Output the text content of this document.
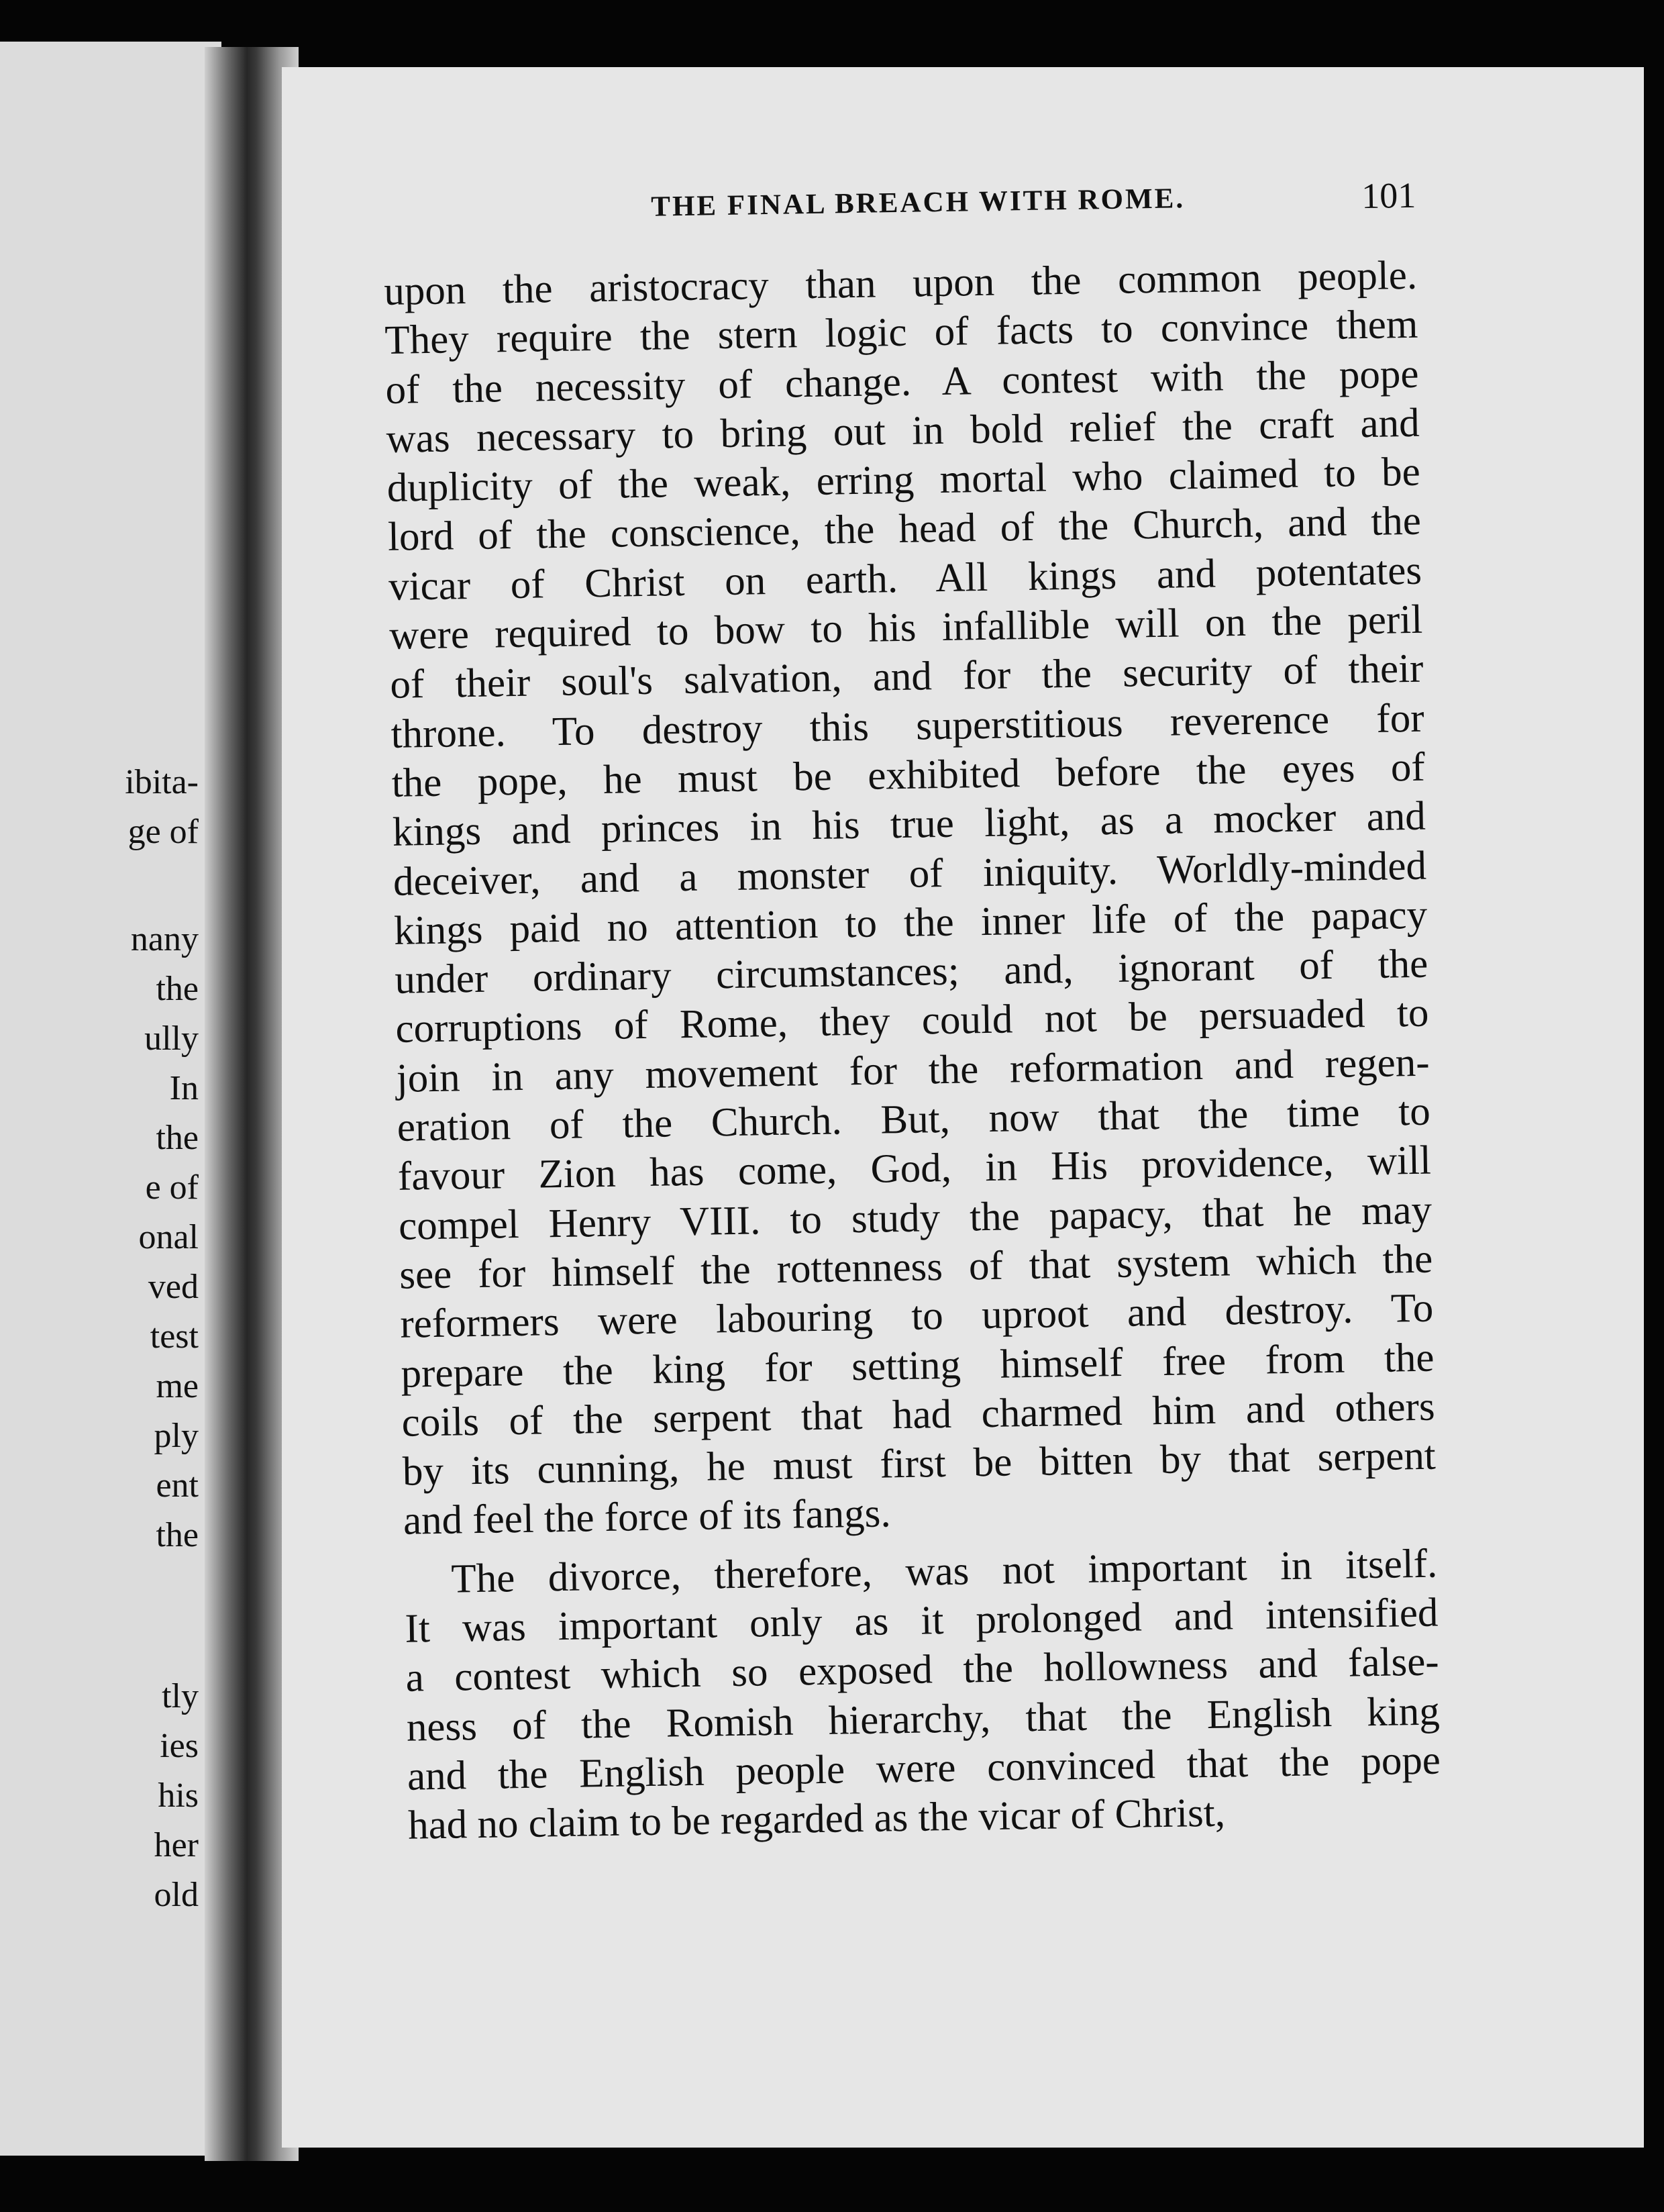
ibita-
ge of
nany
the
ully
In
the
e of
onal
ved
test
me
ply
ent
the
tly
ies
his
her
old
THE FINAL BREACH WITH ROME.	101

upon the aristocracy than upon the common people.
They require the stern logic of facts to convince them
of the necessity of change. A contest with the pope
was necessary to bring out in bold relief the craft and
duplicity of the weak, erring mortal who claimed to be
lord of the conscience, the head of the Church, and the
vicar of Christ on earth. All kings and potentates
were required to bow to his infallible will on the peril
of their soul's salvation, and for the security of their
throne. To destroy this superstitious reverence for
the pope, he must be exhibited before the eyes of
kings and princes in his true light, as a mocker and
deceiver, and a monster of iniquity. Worldly-minded
kings paid no attention to the inner life of the papacy
under ordinary circumstances; and, ignorant of the
corruptions of Rome, they could not be persuaded to
join in any movement for the reformation and regen-
eration of the Church. But, now that the time to
favour Zion has come, God, in His providence, will
compel Henry VIII. to study the papacy, that he may
see for himself the rottenness of that system which the
reformers were labouring to uproot and destroy. To
prepare the king for setting himself free from the
coils of the serpent that had charmed him and others
by its cunning, he must first be bitten by that serpent
and feel the force of its fangs.

The divorce, therefore, was not important in itself.
It was important only as it prolonged and intensified
a contest which so exposed the hollowness and false-
ness of the Romish hierarchy, that the English king
and the English people were convinced that the pope
had no claim to be regarded as the vicar of Christ,
